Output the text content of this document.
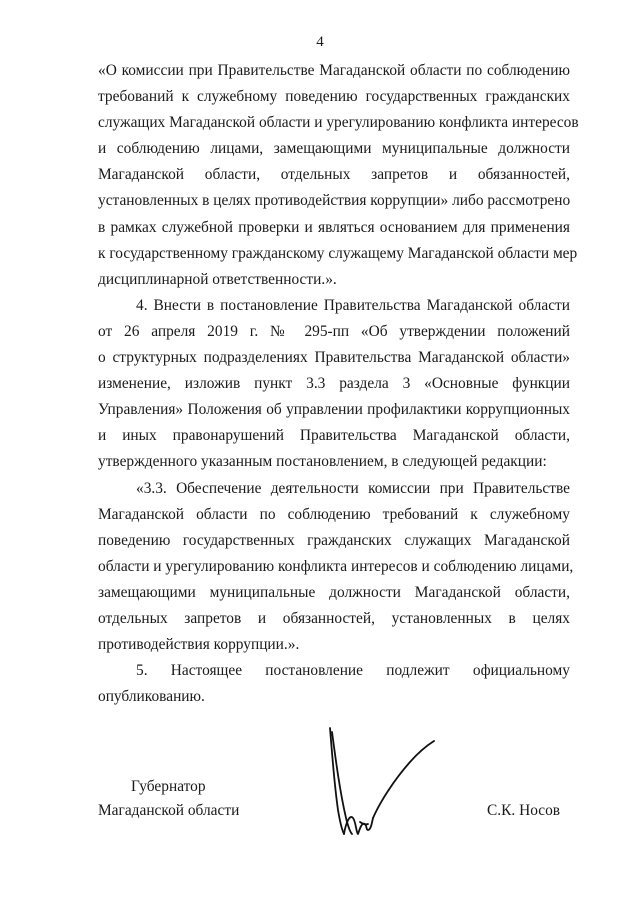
4

«О комиссии при Правительстве Магаданской области по соблюдению
требований к служебному поведению государственных гражданских
служащих Магаданской области и урегулированию конфликта интересов
и соблюдению лицами, замещающими муниципальные должности
Магаданской области, отдельных запретов и обязанностей,
установленных в целях противодействия коррупции» либо рассмотрено
в рамках служебной проверки и являться основанием для применения
к государственному гражданскому служащему Магаданской области мер
дисциплинарной ответственности.».

4. Внести в постановление Правительства Магаданской области
от 26 апреля 2019 г. № 295-пп «Об утверждении положений
о структурных подразделениях Правительства Магаданской области»
изменение, изложив пункт 3.3 раздела 3 «Основные функции
Управления» Положения об управлении профилактики коррупционных
и иных правонарушений Правительства Магаданской области,
утвержденного указанным постановлением, в следующей редакции:

«3.3. Обеспечение деятельности комиссии при Правительстве
Магаданской области по соблюдению требований к служебному
поведению государственных гражданских служащих Магаданской
области и урегулированию конфликта интересов и соблюдению лицами,
замещающими муниципальные должности Магаданской области,
отдельных запретов и обязанностей, установленных в целях
противодействия коррупции.».

5. Настоящее постановление подлежит официальному
опубликованию.

Губернатор
Магаданской области	С.К. Носов
